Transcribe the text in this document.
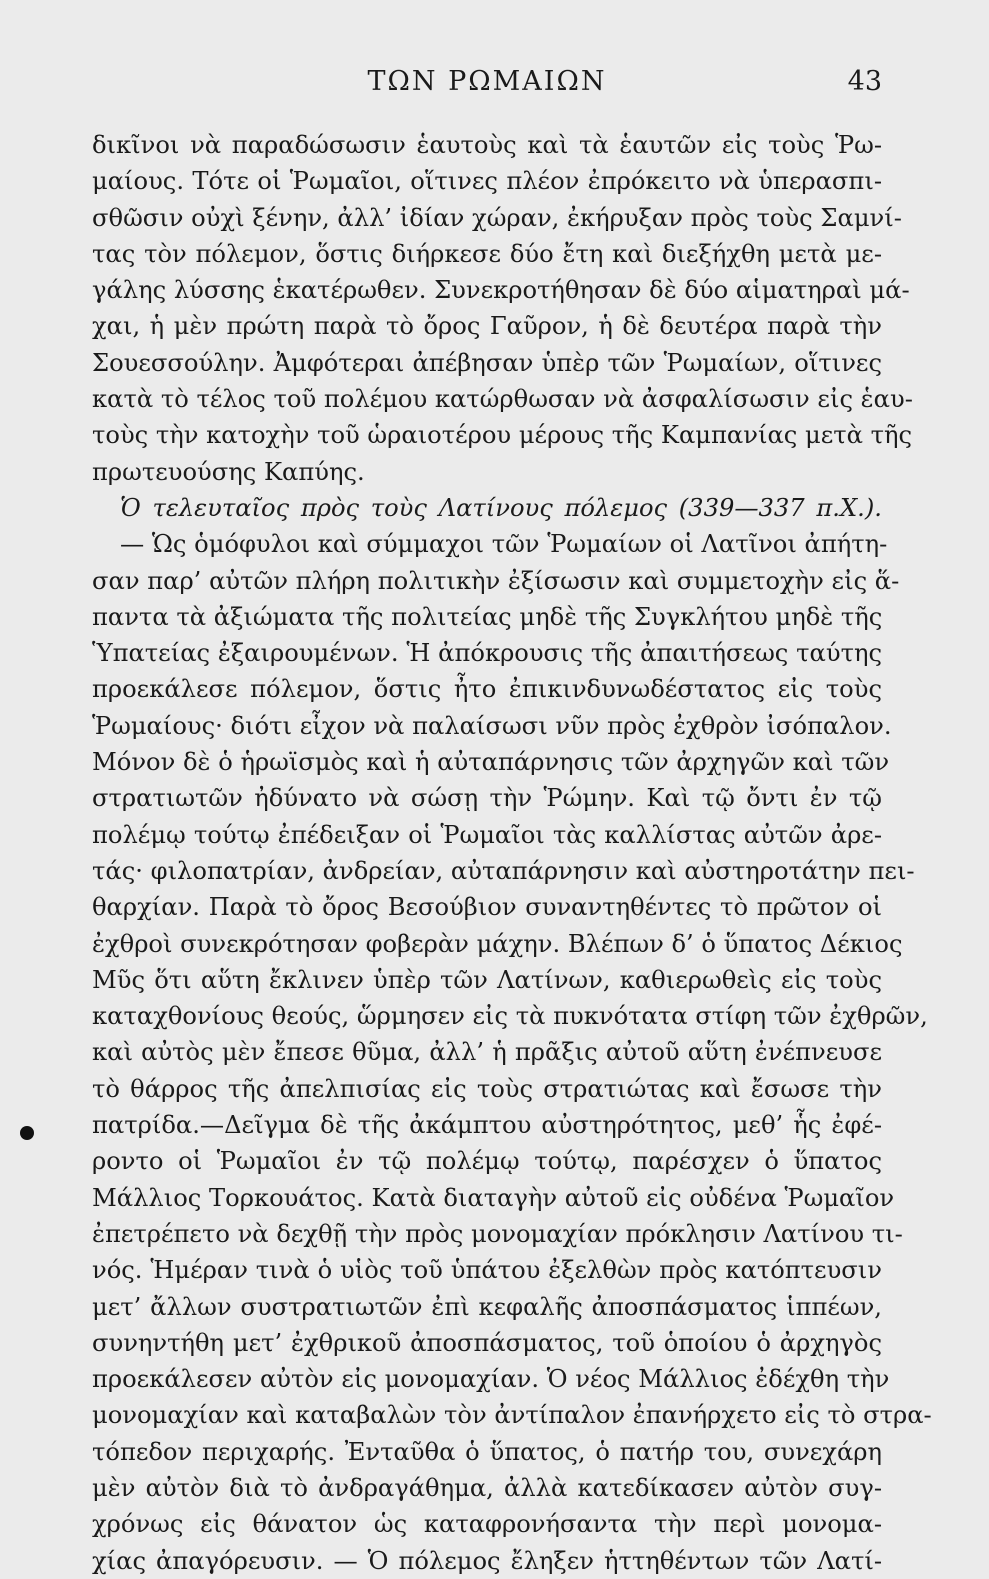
ΤΩΝ ΡΩΜΑΙΩΝ	43
δικῖνοι νὰ παραδώσωσιν ἑαυτοὺς καὶ τὰ ἑαυτῶν εἰς τοὺς Ῥω-
μαίους. Τότε οἱ Ῥωμαῖοι, οἵτινες πλέον ἐπρόκειτο νὰ ὑπερασπι-
σθῶσιν οὐχὶ ξένην, ἀλλ’ ἰδίαν χώραν, ἐκήρυξαν πρὸς τοὺς Σαμνί-
τας τὸν πόλεμον, ὅστις διήρκεσε δύο ἔτη καὶ διεξήχθη μετὰ με-
γάλης λύσσης ἑκατέρωθεν. Συνεκροτήθησαν δὲ δύο αἱματηραὶ μά-
χαι, ἡ μὲν πρώτη παρὰ τὸ ὄρος Γαῦρον, ἡ δὲ δευτέρα παρὰ τὴν
Σουεσσούλην. Ἀμφότεραι ἀπέβησαν ὑπὲρ τῶν Ῥωμαίων, οἵτινες
κατὰ τὸ τέλος τοῦ πολέμου κατώρθωσαν νὰ ἀσφαλίσωσιν εἰς ἑαυ-
τοὺς τὴν κατοχὴν τοῦ ὡραιοτέρου μέρους τῆς Καμπανίας μετὰ τῆς
πρωτευούσης Καπύης.
Ὁ τελευταῖος πρὸς τοὺς Λατίνους πόλεμος (339—337 π.Χ.).
— Ὡς ὁμόφυλοι καὶ σύμμαχοι τῶν Ῥωμαίων οἱ Λατῖνοι ἀπήτη-
σαν παρ’ αὐτῶν πλήρη πολιτικὴν ἐξίσωσιν καὶ συμμετοχὴν εἰς ἅ-
παντα τὰ ἀξιώματα τῆς πολιτείας μηδὲ τῆς Συγκλήτου μηδὲ τῆς
Ὑπατείας ἐξαιρουμένων. Ἡ ἀπόκρουσις τῆς ἀπαιτήσεως ταύτης
προεκάλεσε πόλεμον, ὅστις ἦτο ἐπικινδυνωδέστατος εἰς τοὺς
Ῥωμαίους· διότι εἶχον νὰ παλαίσωσι νῦν πρὸς ἐχθρὸν ἰσόπαλον.
Μόνον δὲ ὁ ἡρωϊσμὸς καὶ ἡ αὐταπάρνησις τῶν ἀρχηγῶν καὶ τῶν
στρατιωτῶν ἠδύνατο νὰ σώσῃ τὴν Ῥώμην. Καὶ τῷ ὄντι ἐν τῷ
πολέμῳ τούτῳ ἐπέδειξαν οἱ Ῥωμαῖοι τὰς καλλίστας αὐτῶν ἀρε-
τάς· φιλοπατρίαν, ἀνδρείαν, αὐταπάρνησιν καὶ αὐστηροτάτην πει-
θαρχίαν. Παρὰ τὸ ὄρος Βεσούβιον συναντηθέντες τὸ πρῶτον οἱ
ἐχθροὶ συνεκρότησαν φοβερὰν μάχην. Βλέπων δ’ ὁ ὕπατος Δέκιος
Μῦς ὅτι αὕτη ἔκλινεν ὑπὲρ τῶν Λατίνων, καθιερωθεὶς εἰς τοὺς
καταχθονίους θεούς, ὥρμησεν εἰς τὰ πυκνότατα στίφη τῶν ἐχθρῶν,
καὶ αὐτὸς μὲν ἔπεσε θῦμα, ἀλλ’ ἡ πρᾶξις αὐτοῦ αὕτη ἐνέπνευσε
τὸ θάρρος τῆς ἀπελπισίας εἰς τοὺς στρατιώτας καὶ ἔσωσε τὴν
πατρίδα.—Δεῖγμα δὲ τῆς ἀκάμπτου αὐστηρότητος, μεθ’ ἧς ἐφέ-
ροντο οἱ Ῥωμαῖοι ἐν τῷ πολέμῳ τούτῳ, παρέσχεν ὁ ὕπατος
Μάλλιος Τορκουάτος. Κατὰ διαταγὴν αὐτοῦ εἰς οὐδένα Ῥωμαῖον
ἐπετρέπετο νὰ δεχθῇ τὴν πρὸς μονομαχίαν πρόκλησιν Λατίνου τι-
νός. Ἡμέραν τινὰ ὁ υἱὸς τοῦ ὑπάτου ἐξελθὼν πρὸς κατόπτευσιν
μετ’ ἄλλων συστρατιωτῶν ἐπὶ κεφαλῆς ἀποσπάσματος ἱππέων,
συνηντήθη μετ’ ἐχθρικοῦ ἀποσπάσματος, τοῦ ὁποίου ὁ ἀρχηγὸς
προεκάλεσεν αὐτὸν εἰς μονομαχίαν. Ὁ νέος Μάλλιος ἐδέχθη τὴν
μονομαχίαν καὶ καταβαλὼν τὸν ἀντίπαλον ἐπανήρχετο εἰς τὸ στρα-
τόπεδον περιχαρής. Ἐνταῦθα ὁ ὕπατος, ὁ πατήρ του, συνεχάρη
μὲν αὐτὸν διὰ τὸ ἀνδραγάθημα, ἀλλὰ κατεδίκασεν αὐτὸν συγ-
χρόνως εἰς θάνατον ὡς καταφρονήσαντα τὴν περὶ μονομα-
χίας ἀπαγόρευσιν. — Ὁ πόλεμος ἔληξεν ἡττηθέντων τῶν Λατί-
